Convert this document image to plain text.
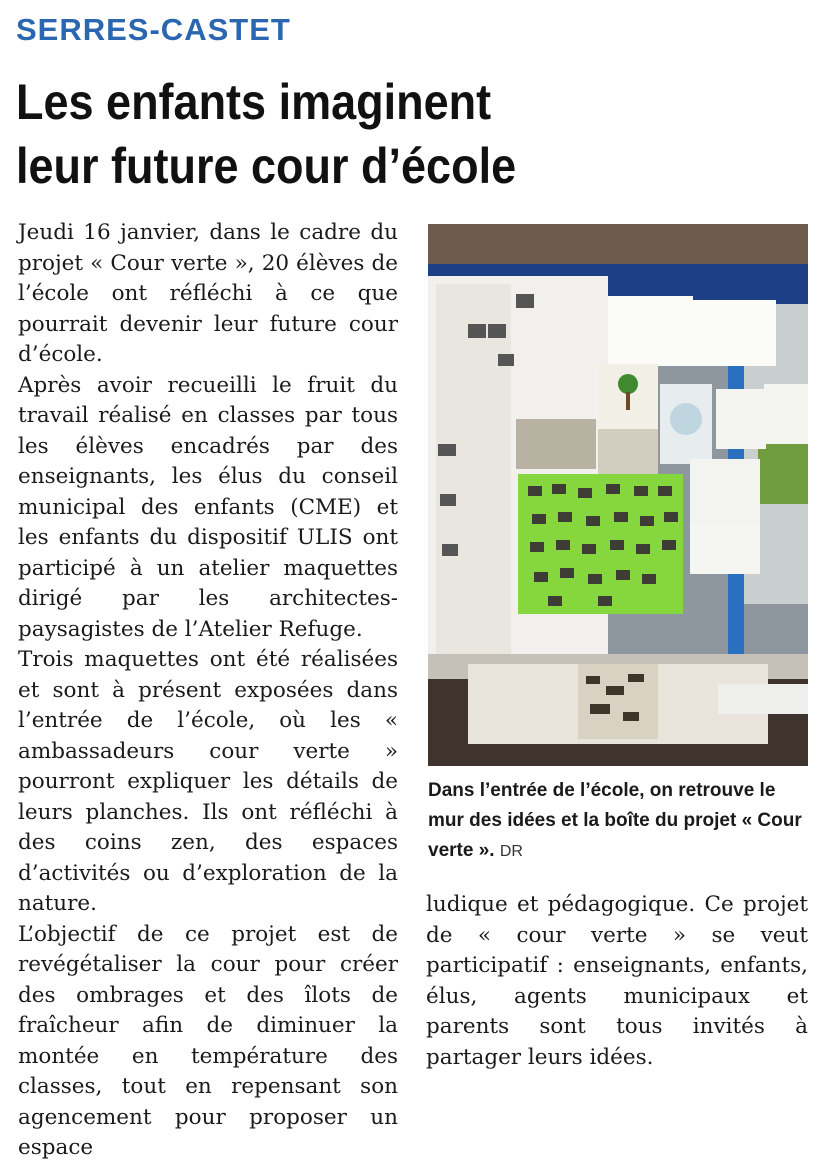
SERRES-CASTET
Les enfants imaginent
leur future cour d’école

Jeudi 16 janvier, dans le cadre du projet « Cour verte », 20 élèves de l’école ont réfléchi à ce que pourrait devenir leur future cour d’école.

Après avoir recueilli le fruit du travail réalisé en classes par tous les élèves encadrés par des enseignants, les élus du conseil municipal des enfants (CME) et les enfants du dispositif ULIS ont participé à un atelier maquettes dirigé par les architectes-paysagistes de l’Atelier Refuge.

Trois maquettes ont été réalisées et sont à présent exposées dans l’entrée de l’école, où les « ambassadeurs cour verte » pourront expliquer les détails de leurs planches. Ils ont réfléchi à des coins zen, des espaces d’activités ou d’exploration de la nature.

L’objectif de ce projet est de revégétaliser la cour pour créer des ombrages et des îlots de fraîcheur afin de diminuer la montée en température des classes, tout en repensant son agencement pour proposer un espace

Dans l’entrée de l’école, on retrouve le mur des idées et la boîte du projet « Cour verte ». DR

ludique et pédagogique. Ce projet de « cour verte » se veut participatif : enseignants, enfants, élus, agents municipaux et parents sont tous invités à partager leurs idées.
